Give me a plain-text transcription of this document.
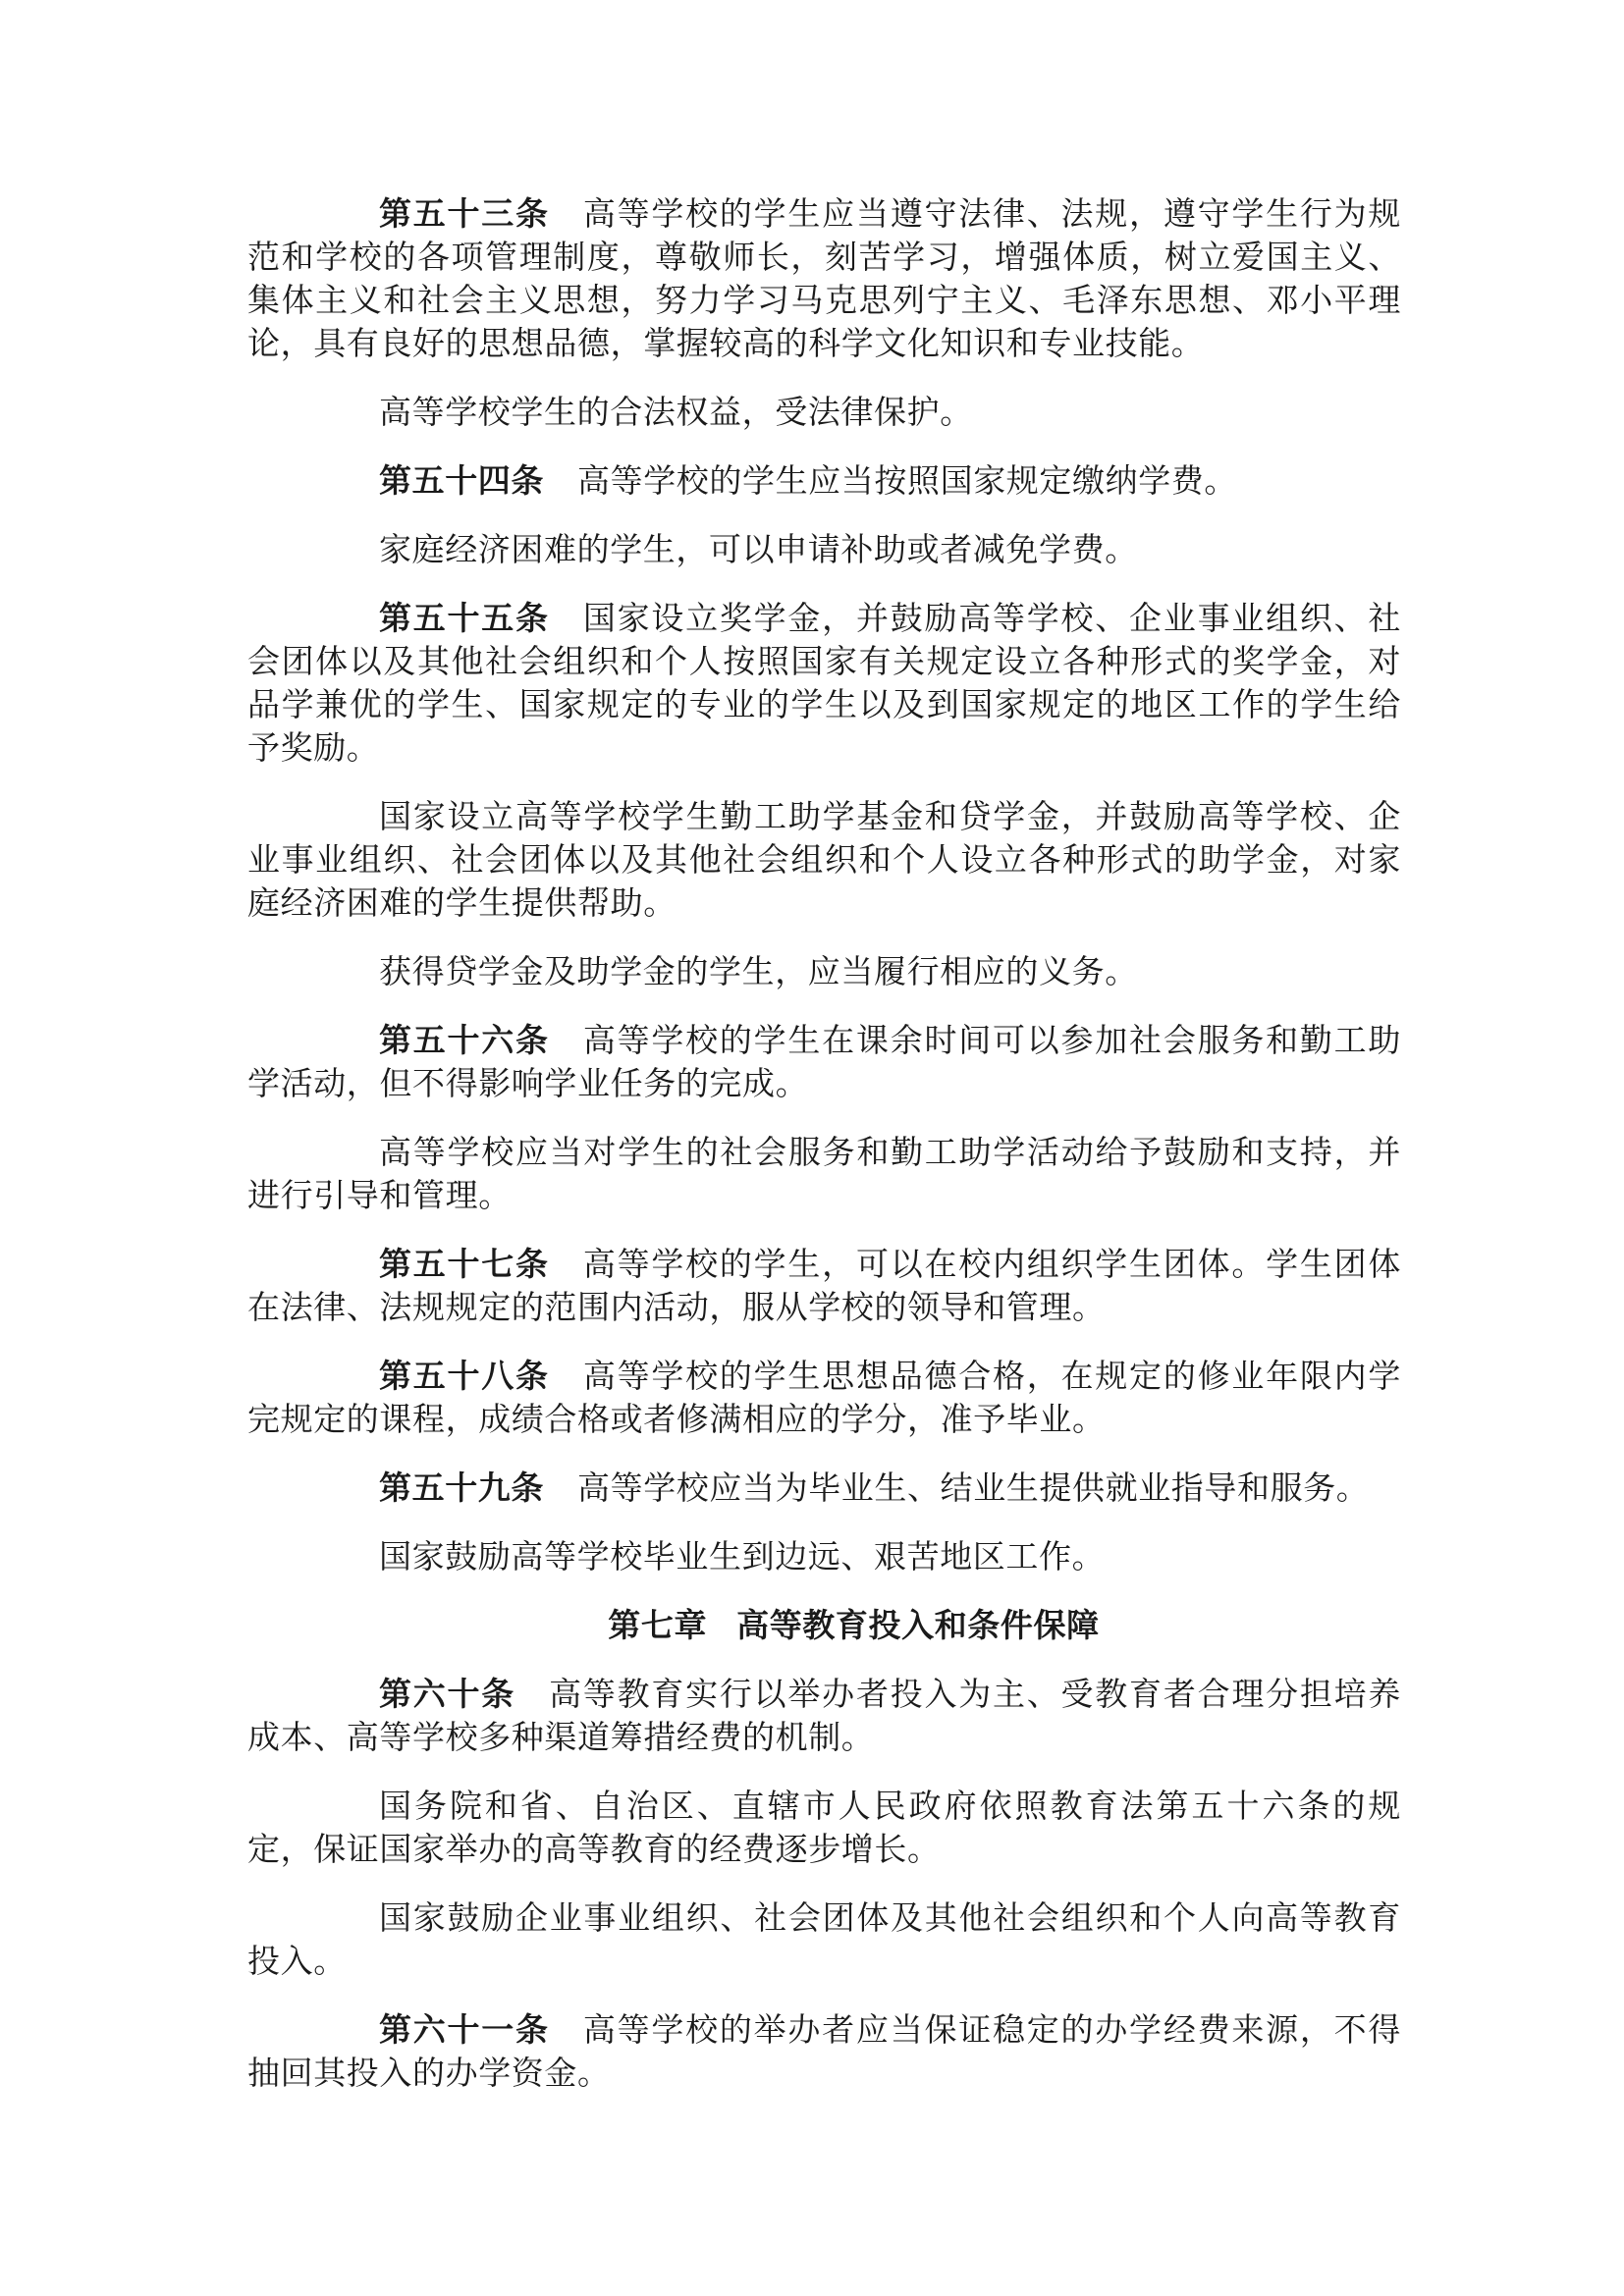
第五十三条 高等学校的学生应当遵守法律、法规，遵守学生行为规范和学校的各项管理制度，尊敬师长，刻苦学习，增强体质，树立爱国主义、集体主义和社会主义思想，努力学习马克思列宁主义、毛泽东思想、邓小平理论，具有良好的思想品德，掌握较高的科学文化知识和专业技能。

高等学校学生的合法权益，受法律保护。

第五十四条 高等学校的学生应当按照国家规定缴纳学费。

家庭经济困难的学生，可以申请补助或者减免学费。

第五十五条 国家设立奖学金，并鼓励高等学校、企业事业组织、社会团体以及其他社会组织和个人按照国家有关规定设立各种形式的奖学金，对品学兼优的学生、国家规定的专业的学生以及到国家规定的地区工作的学生给予奖励。

国家设立高等学校学生勤工助学基金和贷学金，并鼓励高等学校、企业事业组织、社会团体以及其他社会组织和个人设立各种形式的助学金，对家庭经济困难的学生提供帮助。

获得贷学金及助学金的学生，应当履行相应的义务。

第五十六条 高等学校的学生在课余时间可以参加社会服务和勤工助学活动，但不得影响学业任务的完成。

高等学校应当对学生的社会服务和勤工助学活动给予鼓励和支持，并进行引导和管理。

第五十七条 高等学校的学生，可以在校内组织学生团体。学生团体在法律、法规规定的范围内活动，服从学校的领导和管理。

第五十八条 高等学校的学生思想品德合格，在规定的修业年限内学完规定的课程，成绩合格或者修满相应的学分，准予毕业。

第五十九条 高等学校应当为毕业生、结业生提供就业指导和服务。

国家鼓励高等学校毕业生到边远、艰苦地区工作。

第七章 高等教育投入和条件保障

第六十条 高等教育实行以举办者投入为主、受教育者合理分担培养成本、高等学校多种渠道筹措经费的机制。

国务院和省、自治区、直辖市人民政府依照教育法第五十六条的规定，保证国家举办的高等教育的经费逐步增长。

国家鼓励企业事业组织、社会团体及其他社会组织和个人向高等教育投入。

第六十一条 高等学校的举办者应当保证稳定的办学经费来源，不得抽回其投入的办学资金。
